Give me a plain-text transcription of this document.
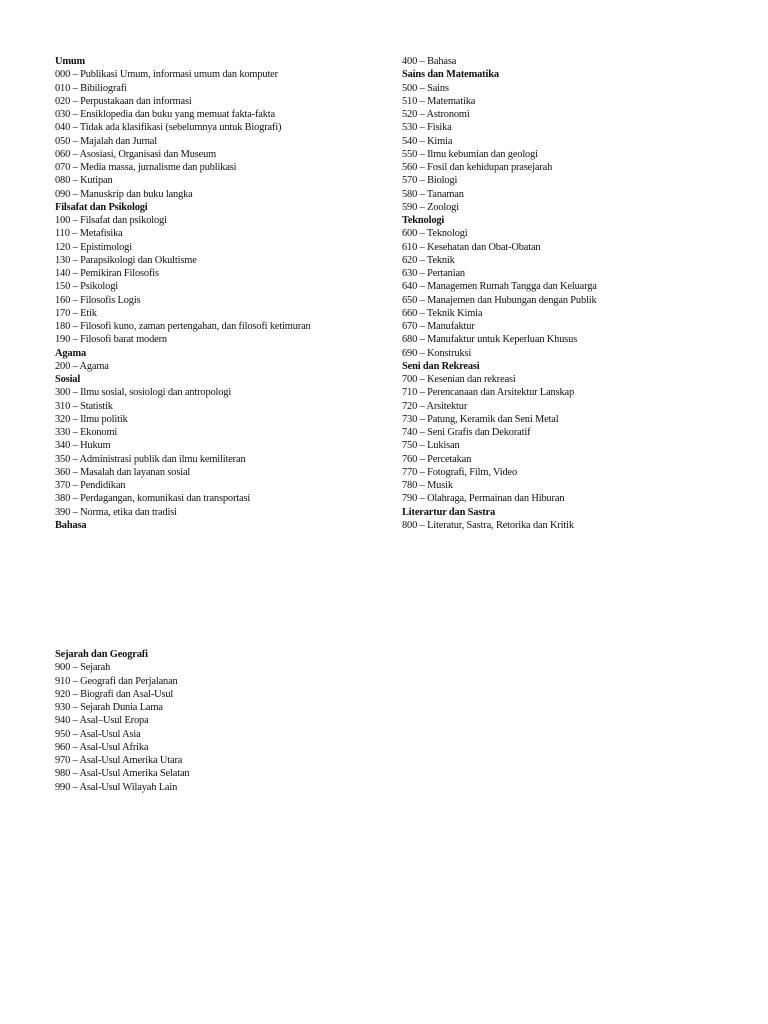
Umum
000 – Publikasi Umum, informasi umum dan komputer
010 – Bibiliografi
020 – Perpustakaan dan informasi
030 – Ensiklopedia dan buku yang memuat fakta-fakta
040 – Tidak ada klasifikasi (sebelumnya untuk Biografi)
050 – Majalah dan Jurnal
060 – Asosiasi, Organisasi dan Museum
070 – Media massa, jurnalisme dan publikasi
080 – Kutipan
090 – Manuskrip dan buku langka
Filsafat dan Psikologi
100 – Filsafat dan psikologi
110 – Metafisika
120 – Epistimologi
130 – Parapsikologi dan Okultisme
140 – Pemikiran Filosofis
150 – Psikologi
160 – Filosofis Logis
170 – Etik
180 – Filosofi kuno, zaman pertengahan, dan filosofi ketimuran
190 – Filosofi barat modern
Agama
200 – Agama
Sosial
300 – Ilmu sosial, sosiologi dan antropologi
310 – Statistik
320 – Ilmu politik
330 – Ekonomi
340 – Hukum
350 – Administrasi publik dan ilmu kemiliteran
360 – Masalah dan layanan sosial
370 – Pendidikan
380 – Perdagangan, komunikasi dan transportasi
390 – Norma, etika dan tradisi
Bahasa
400 – Bahasa
Sains dan Matematika
500 – Sains
510 – Matematika
520 – Astronomi
530 – Fisika
540 – Kimia
550 – Ilmu kebumian dan geologi
560 – Fosil dan kehidupan prasejarah
570 – Biologi
580 – Tanaman
590 – Zoologi
Teknologi
600 – Teknologi
610 – Kesehatan dan Obat-Obatan
620 – Teknik
630 – Pertanian
640 – Managemen Rumah Tangga dan Keluarga
650 – Manajemen dan Hubungan dengan Publik
660 – Teknik Kimia
670 – Manufaktur
680 – Manufaktur untuk Keperluan Khusus
690 – Konstruksi
Seni dan Rekreasi
700 – Kesenian dan rekreasi
710 – Perencanaan dan Arsitektur Lanskap
720 – Arsitektur
730 – Patung, Keramik dan Seni Metal
740 – Seni Grafis dan Dekoratif
750 – Lukisan
760 – Percetakan
770 – Fotografi, Film, Video
780 – Musik
790 – Olahraga, Permainan dan Hiburan
Literartur dan Sastra
800 – Literatur, Sastra, Retorika dan Kritik
Sejarah dan Geografi
900 – Sejarah
910 – Geografi dan Perjalanan
920 – Biografi dan Asal-Usul
930 – Sejarah Dunia Lama
940 – Asal–Usul Eropa
950 – Asal-Usul Asia
960 – Asal-Usul Afrika
970 – Asal-Usul Amerika Utara
980 – Asal-Usul Amerika Selatan
990 – Asal-Usul Wilayah Lain
